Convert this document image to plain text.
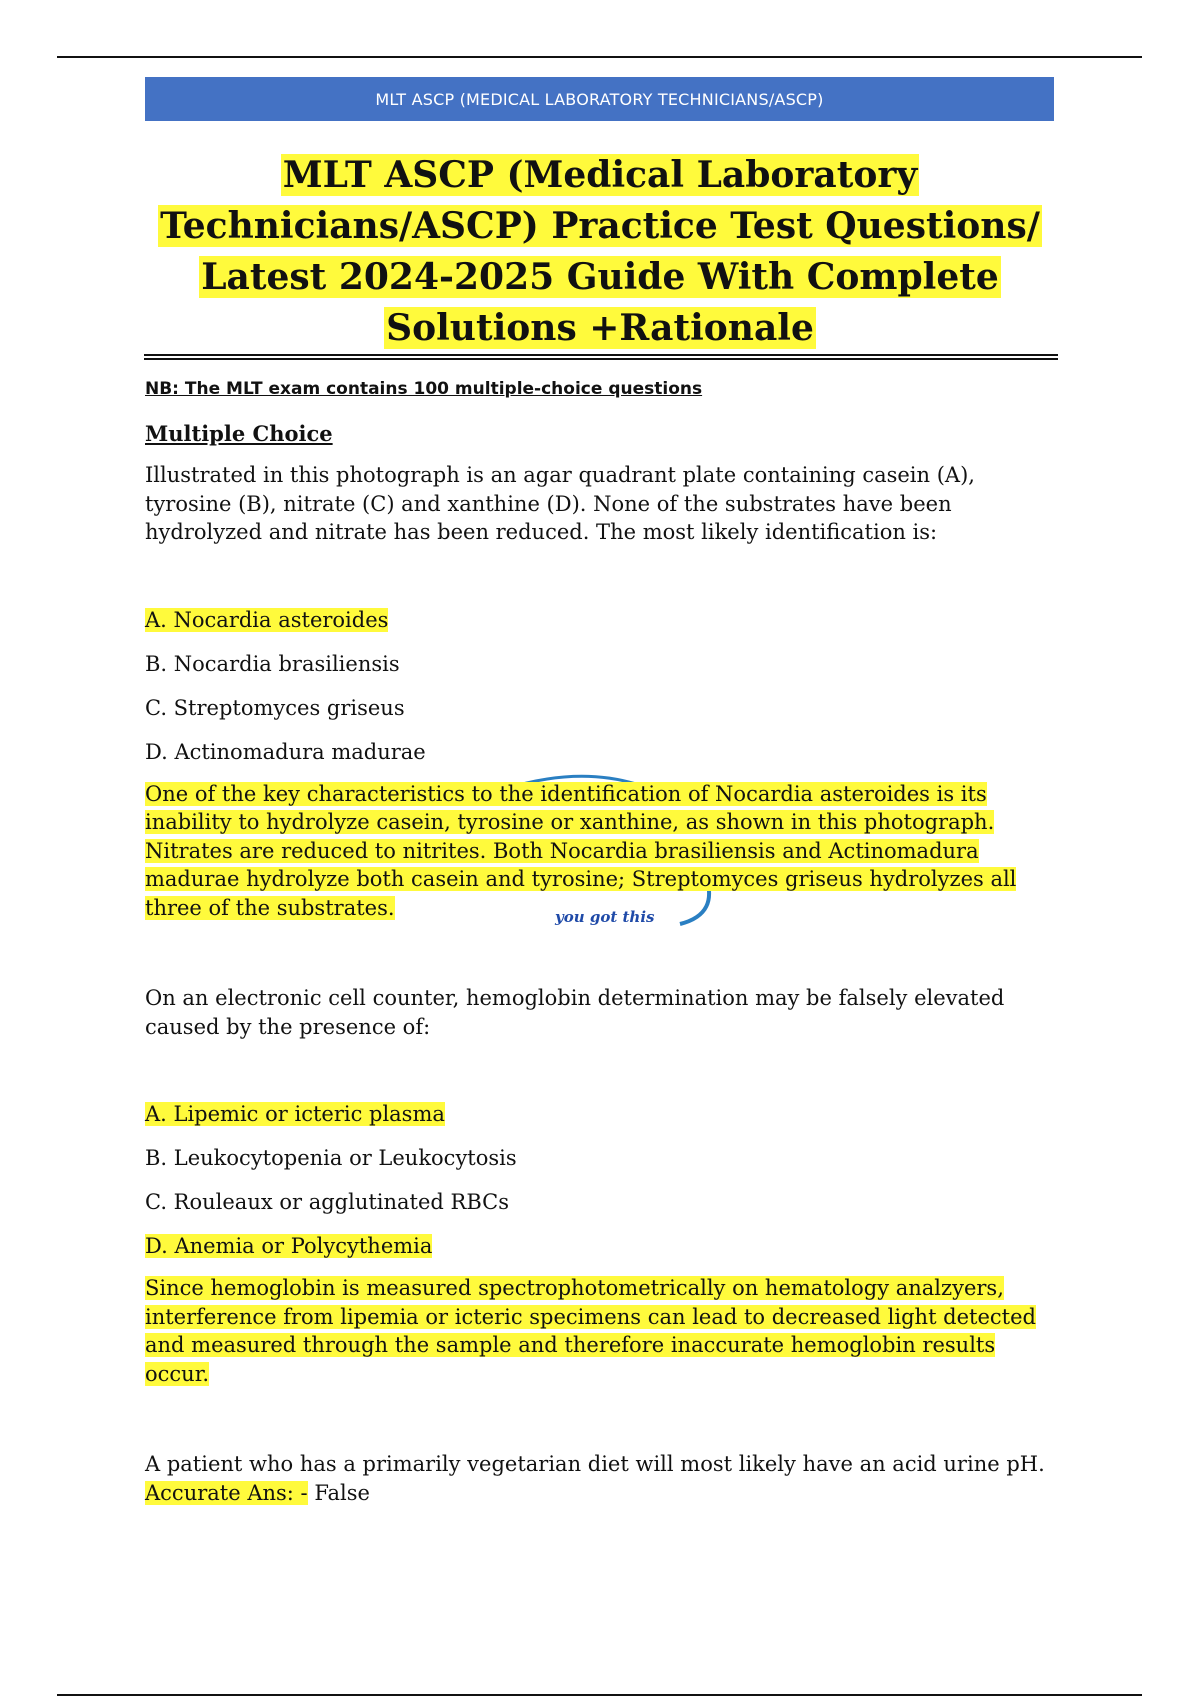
MLT ASCP (MEDICAL LABORATORY TECHNICIANS/ASCP)
MLT ASCP (Medical Laboratory
Technicians/ASCP) Practice Test Questions/
Latest 2024-2025 Guide With Complete
Solutions +Rationale
you got this

NB: The MLT exam contains 100 multiple-choice questions

Multiple Choice

Illustrated in this photograph is an agar quadrant plate containing casein (A), tyrosine (B), nitrate (C) and xanthine (D). None of the substrates have been hydrolyzed and nitrate has been reduced. The most likely identification is:

A. Nocardia asteroides

B. Nocardia brasiliensis

C. Streptomyces griseus

D. Actinomadura madurae

One of the key characteristics to the identification of Nocardia asteroides is its inability to hydrolyze casein, tyrosine or xanthine, as shown in this photograph. Nitrates are reduced to nitrites. Both Nocardia brasiliensis and Actinomadura madurae hydrolyze both casein and tyrosine; Streptomyces griseus hydrolyzes all three of the substrates.

On an electronic cell counter, hemoglobin determination may be falsely elevated caused by the presence of:

A. Lipemic or icteric plasma

B. Leukocytopenia or Leukocytosis

C. Rouleaux or agglutinated RBCs

D. Anemia or Polycythemia

Since hemoglobin is measured spectrophotometrically on hematology analzyers, interference from lipemia or icteric specimens can lead to decreased light detected and measured through the sample and therefore inaccurate hemoglobin results occur.

A patient who has a primarily vegetarian diet will most likely have an acid urine pH.
Accurate Ans: - False
